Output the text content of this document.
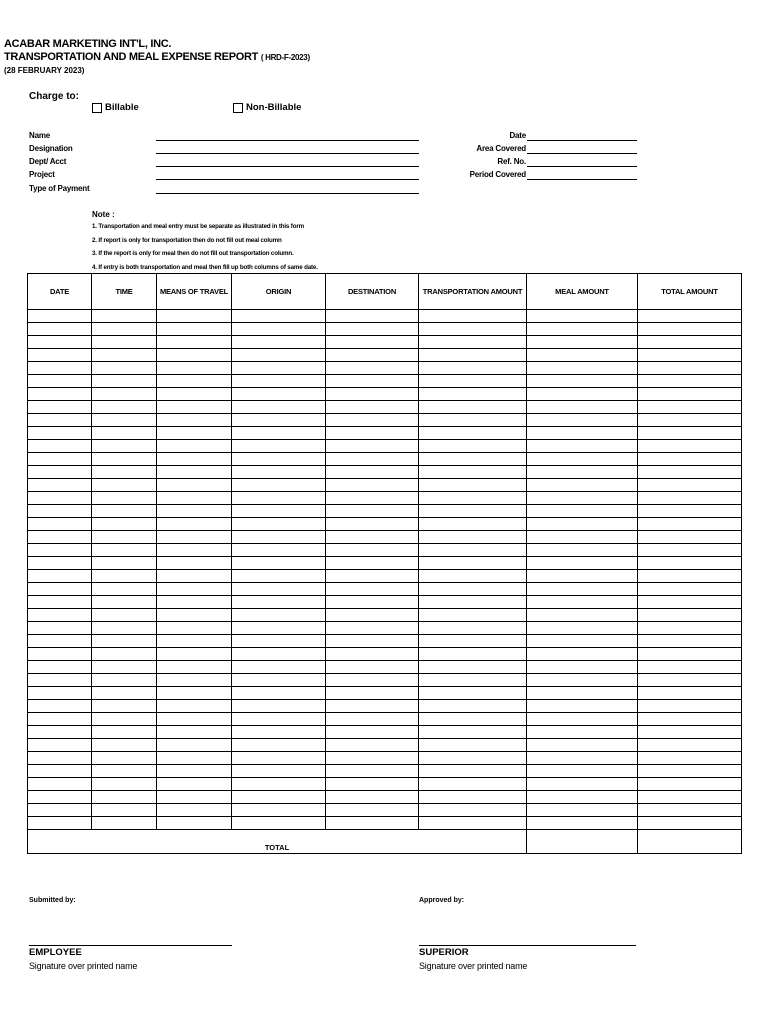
ACABAR MARKETING INT'L, INC.
TRANSPORTATION AND MEAL EXPENSE REPORT ( HRD-F-2023)
(28 FEBRUARY 2023)
Charge to:
Billable	Non-Billable
Name
Designation
Dept/ Acct
Project
Type of Payment
Date
Area Covered
Ref. No.
Period Covered
Note :
1. Transportation and meal entry must be separate as illustrated in this form
2. If report is only for transportation then do not fill out meal column
3. If the report is only for meal then do not fill out transportation column.
4. If entry is both transportation and meal then fill up both columns of same date.
DATE	TIME	MEANS OF TRAVEL	ORIGIN	DESTINATION	TRANSPORTATION AMOUNT	MEAL AMOUNT	TOTAL AMOUNT

TOTAL							
Submitted by:	Approved by:
EMPLOYEE
Signature over printed name
SUPERIOR
Signature over printed name
